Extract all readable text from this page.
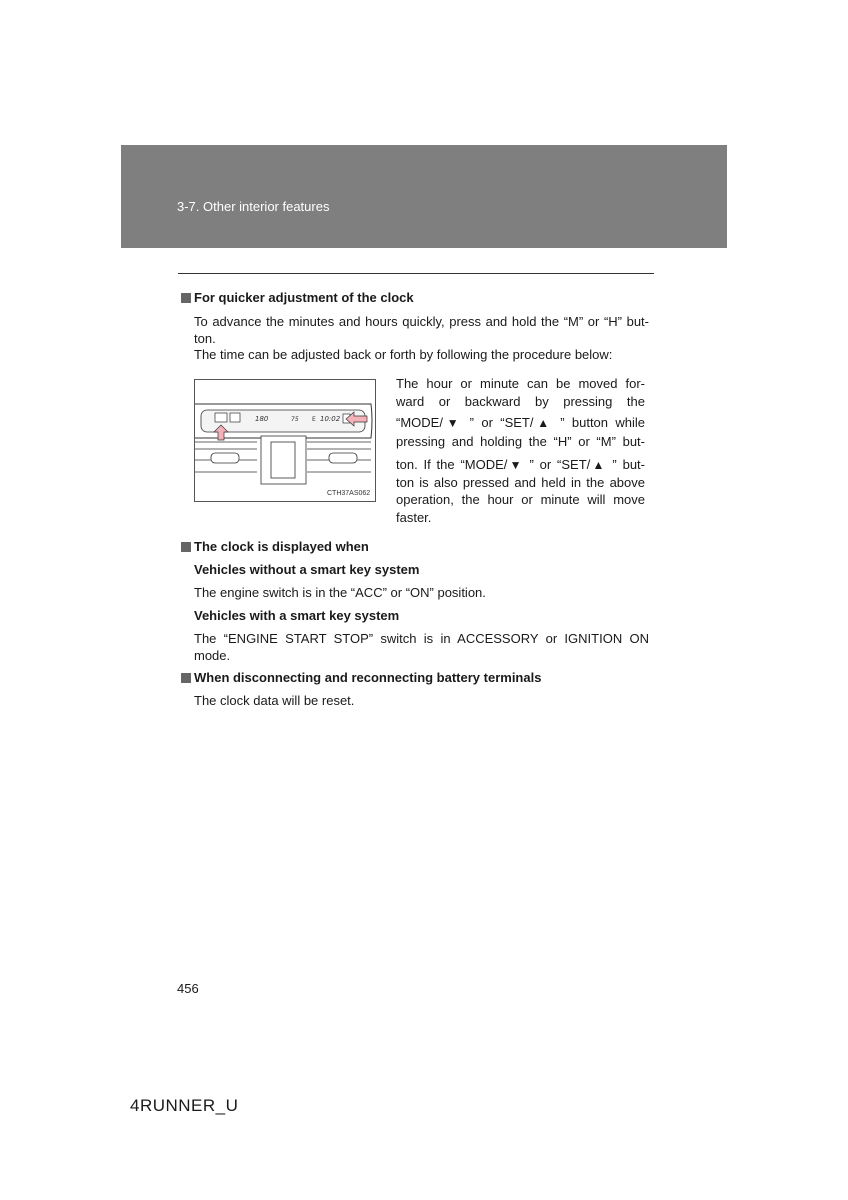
3-7. Other interior features
For quicker adjustment of the clock
To advance the minutes and hours quickly, press and hold the “M” or “H” but-
ton.
The time can be adjusted back or forth by following the procedure below:
180	75 E 10:02
CTH37AS062
The hour or minute can be moved for-
ward or backward by pressing the
“MODE/▼ ” or “SET/▲ ” button while
pressing and holding the “H” or “M” but-
ton. If the “MODE/▼ ” or “SET/▲ ” but-
ton is also pressed and held in the above
operation, the hour or minute will move
faster.
The clock is displayed when
Vehicles without a smart key system
The engine switch is in the “ACC” or “ON” position.
Vehicles with a smart key system
The “ENGINE START STOP” switch is in ACCESSORY or IGNITION ON
mode.
When disconnecting and reconnecting battery terminals
The clock data will be reset.
456
4RUNNER_U
